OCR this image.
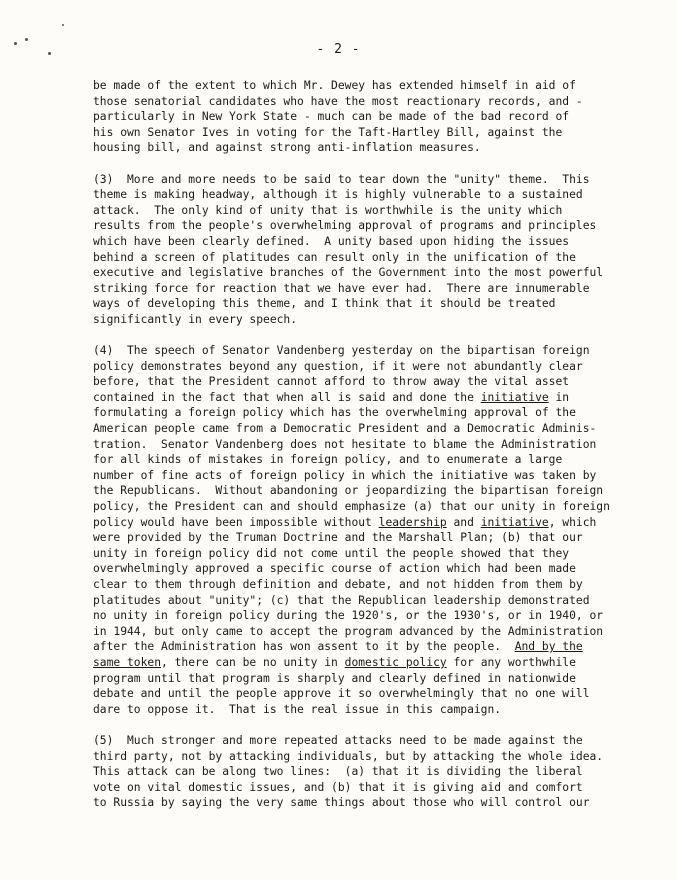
- 2 -
be made of the extent to which Mr. Dewey has extended himself in aid of
those senatorial candidates who have the most reactionary records, and -
particularly in New York State - much can be made of the bad record of
his own Senator Ives in voting for the Taft-Hartley Bill, against the
housing bill, and against strong anti-inflation measures.
(3)  More and more needs to be said to tear down the "unity" theme.  This
theme is making headway, although it is highly vulnerable to a sustained
attack.  The only kind of unity that is worthwhile is the unity which
results from the people's overwhelming approval of programs and principles
which have been clearly defined.  A unity based upon hiding the issues
behind a screen of platitudes can result only in the unification of the
executive and legislative branches of the Government into the most powerful
striking force for reaction that we have ever had.  There are innumerable
ways of developing this theme, and I think that it should be treated
significantly in every speech.
(4)  The speech of Senator Vandenberg yesterday on the bipartisan foreign
policy demonstrates beyond any question, if it were not abundantly clear
before, that the President cannot afford to throw away the vital asset
contained in the fact that when all is said and done the initiative in
formulating a foreign policy which has the overwhelming approval of the
American people came from a Democratic President and a Democratic Adminis-
tration.  Senator Vandenberg does not hesitate to blame the Administration
for all kinds of mistakes in foreign policy, and to enumerate a large
number of fine acts of foreign policy in which the initiative was taken by
the Republicans.  Without abandoning or jeopardizing the bipartisan foreign
policy, the President can and should emphasize (a) that our unity in foreign
policy would have been impossible without leadership and initiative, which
were provided by the Truman Doctrine and the Marshall Plan; (b) that our
unity in foreign policy did not come until the people showed that they
overwhelmingly approved a specific course of action which had been made
clear to them through definition and debate, and not hidden from them by
platitudes about "unity"; (c) that the Republican leadership demonstrated
no unity in foreign policy during the 1920's, or the 1930's, or in 1940, or
in 1944, but only came to accept the program advanced by the Administration
after the Administration has won assent to it by the people.  And by the
same token, there can be no unity in domestic policy for any worthwhile
program until that program is sharply and clearly defined in nationwide
debate and until the people approve it so overwhelmingly that no one will
dare to oppose it.  That is the real issue in this campaign.
(5)  Much stronger and more repeated attacks need to be made against the
third party, not by attacking individuals, but by attacking the whole idea.
This attack can be along two lines:  (a) that it is dividing the liberal
vote on vital domestic issues, and (b) that it is giving aid and comfort
to Russia by saying the very same things about those who will control our
